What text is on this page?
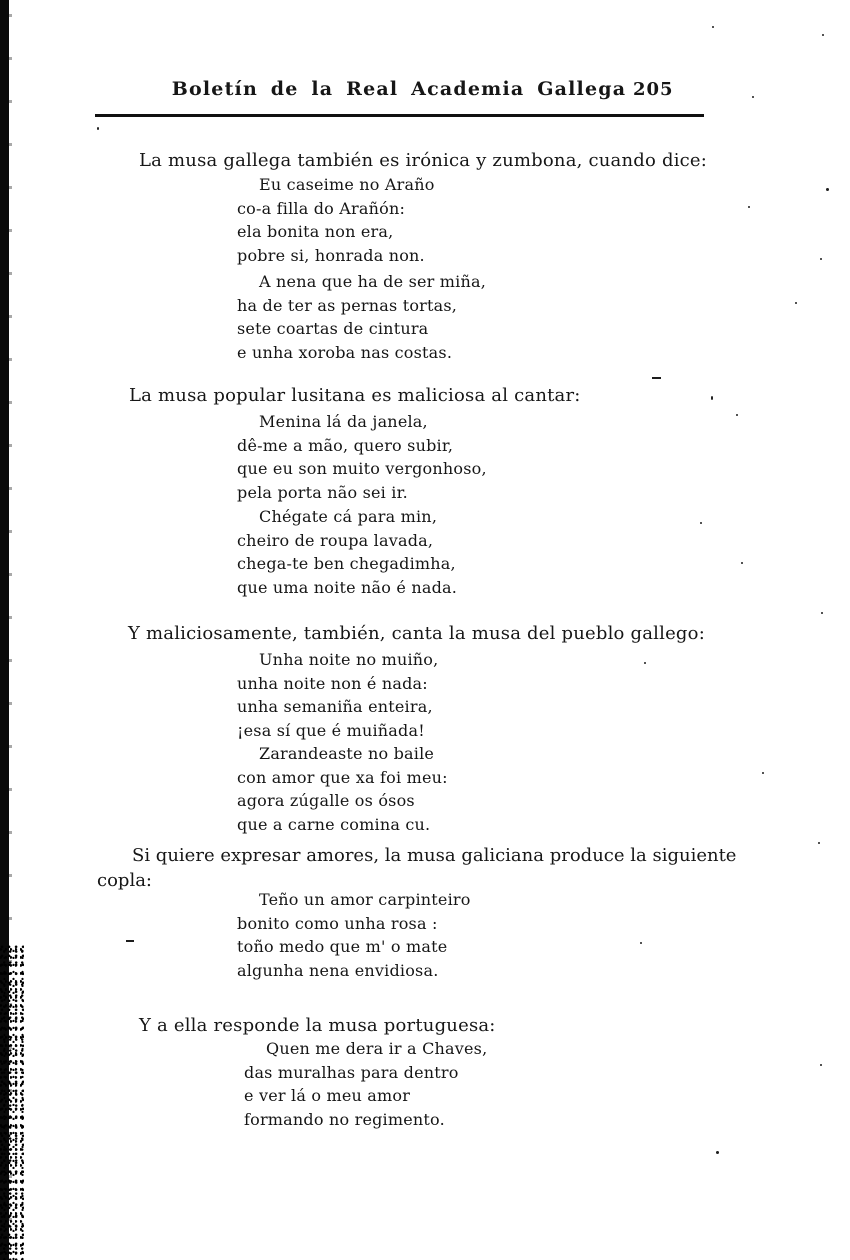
Boletín de la Real Academia Gallega 205

La musa gallega también es irónica y zumbona, cuando dice:

Eu caseime no Araño
co-a filla do Arañón:
ela bonita non era,
pobre si, honrada non.
A nena que ha de ser miña,
ha de ter as pernas tortas,
sete coartas de cintura
e unha xoroba nas costas.

La musa popular lusitana es maliciosa al cantar:

Menina lá da janela,
dê-me a mão, quero subir,
que eu son muito vergonhoso,
pela porta não sei ir.
Chégate cá para min,
cheiro de roupa lavada,
chega-te ben chegadimha,
que uma noite não é nada.

Y maliciosamente, también, canta la musa del pueblo gallego:

Unha noite no muiño,
unha noite non é nada:
unha semaniña enteira,
¡esa sí que é muiñada!
Zarandeaste no baile
con amor que xa foi meu:
agora zúgalle os ósos
que a carne comina cu.
Si quiere expresar amores, la musa galiciana produce la siguiente
copla:
Teño un amor carpinteiro
bonito como unha rosa :
toño medo que m' o mate
algunha nena envidiosa.

Y a ella responde la musa portuguesa:

Quen me dera ir a Chaves,
das muralhas para dentro
e ver lá o meu amor
formando no regimento.
